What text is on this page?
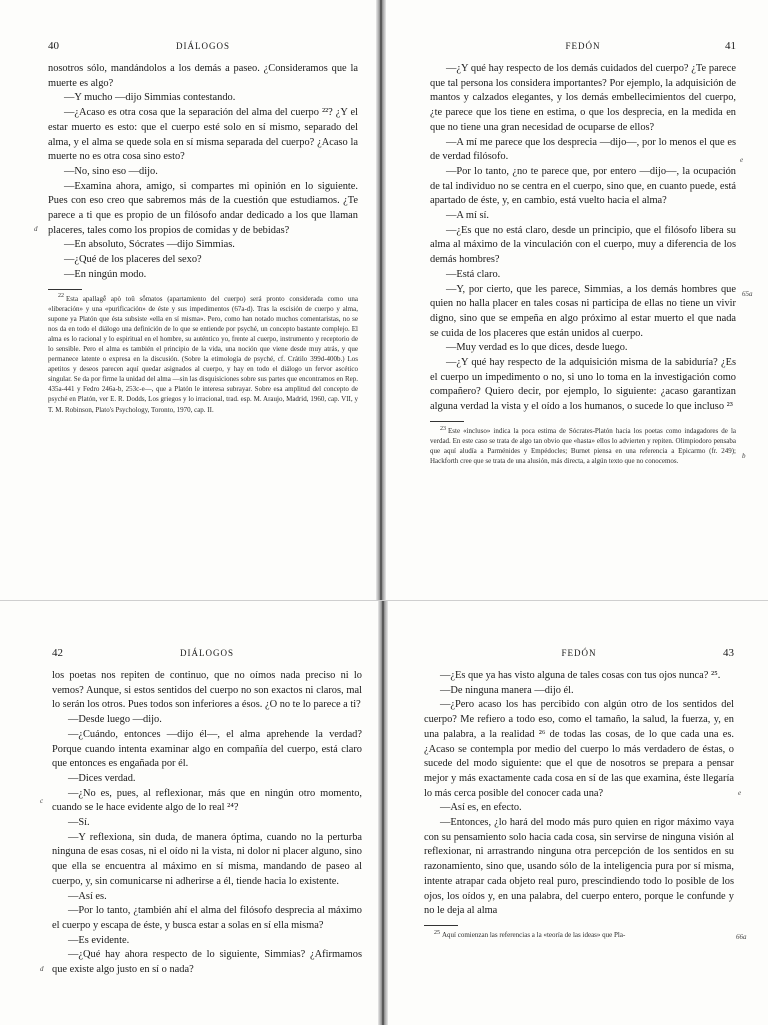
40	DIÁLOGOS

nosotros sólo, mandándolos a los demás a paseo. ¿Consideramos que la muerte es algo?

—Y mucho —dijo Simmias contestando.

—¿Acaso es otra cosa que la separación del alma del cuerpo ²²? ¿Y el estar muerto es esto: que el cuerpo esté solo en sí mismo, separado del alma, y el alma se quede sola en sí misma separada del cuerpo? ¿Acaso la muerte no es otra cosa sino esto?

—No, sino eso —dijo.

—Examina ahora, amigo, si compartes mi opinión en lo siguiente. Pues con eso creo que sabremos más de la cuestión que estudiamos. ¿Te parece a ti que es propio de un filósofo andar dedicado a los que llaman placeres, tales como los propios de comidas y de bebidas?

—En absoluto, Sócrates —dijo Simmias.

—¿Qué de los placeres del sexo?

—En ningún modo.

22 Esta apallagḗ apò toû sṓmatos (apartamiento del cuerpo) será pronto considerada como una «liberación» y una «purificación» de éste y sus impedimentos (67a-d). Tras la escisión de cuerpo y alma, supone ya Platón que ésta subsiste «ella en sí misma». Pero, como han notado muchos comentaristas, no se nos da en todo el diálogo una definición de lo que se entiende por psyché, un concepto bastante complejo. El alma es lo racional y lo espiritual en el hombre, su auténtico yo, frente al cuerpo, instrumento y receptorio de lo sensible. Pero el alma es también el principio de la vida, una noción que viene desde muy atrás, y que permanece latente o expresa en la discusión. (Sobre la etimología de psyché, cf. Crátilo 399d-400b.) Los apetitos y deseos parecen aquí quedar asignados al cuerpo, y hay en todo el diálogo un fervor ascético singular. Se da por firme la unidad del alma —sin las disquisiciones sobre sus partes que encontramos en Rep. 435a-441 y Fedro 246a-b, 253c-e—, que a Platón le interesa subrayar. Sobre esa amplitud del concepto de psyché en Platón, ver E. R. Dodds, Los griegos y lo irracional, trad. esp. M. Araujo, Madrid, 1960, cap. VII, y T. M. Robinson, Plato's Psychology, Toronto, 1970, cap. II.

d
FEDÓN	41

—¿Y qué hay respecto de los demás cuidados del cuerpo? ¿Te parece que tal persona los considera importantes? Por ejemplo, la adquisición de mantos y calzados elegantes, y los demás embellecimientos del cuerpo, ¿te parece que los tiene en estima, o que los desprecia, en la medida en que no tiene una gran necesidad de ocuparse de ellos?

—A mí me parece que los desprecia —dijo—, por lo menos el que es de verdad filósofo.

—Por lo tanto, ¿no te parece que, por entero —dijo—, la ocupación de tal individuo no se centra en el cuerpo, sino que, en cuanto puede, está apartado de éste, y, en cambio, está vuelto hacia el alma?

—A mí sí.

—¿Es que no está claro, desde un principio, que el filósofo libera su alma al máximo de la vinculación con el cuerpo, muy a diferencia de los demás hombres?

—Está claro.

—Y, por cierto, que les parece, Simmias, a los demás hombres que quien no halla placer en tales cosas ni participa de ellas no tiene un vivir digno, sino que se empeña en algo próximo al estar muerto el que nada se cuida de los placeres que están unidos al cuerpo.

—Muy verdad es lo que dices, desde luego.

—¿Y qué hay respecto de la adquisición misma de la sabiduría? ¿Es el cuerpo un impedimento o no, si uno lo toma en la investigación como compañero? Quiero decir, por ejemplo, lo siguiente: ¿acaso garantizan alguna verdad la vista y el oído a los humanos, o sucede lo que incluso ²³

23 Este «incluso» indica la poca estima de Sócrates-Platón hacia los poetas como indagadores de la verdad. En este caso se trata de algo tan obvio que «hasta» ellos lo advierten y repiten. Olimpiodoro pensaba que aquí aludía a Parménides y Empédocles; Burnet piensa en una referencia a Epicarmo (fr. 249); Hackforth cree que se trata de una alusión, más directa, a algún texto que no conocemos.

e
65a
b
42	DIÁLOGOS

los poetas nos repiten de continuo, que no oímos nada preciso ni lo vemos? Aunque, si estos sentidos del cuerpo no son exactos ni claros, mal lo serán los otros. Pues todos son inferiores a ésos. ¿O no te lo parece a ti?

—Desde luego —dijo.

—¿Cuándo, entonces —dijo él—, el alma aprehende la verdad? Porque cuando intenta examinar algo en compañía del cuerpo, está claro que entonces es engañada por él.

—Dices verdad.

—¿No es, pues, al reflexionar, más que en ningún otro momento, cuando se le hace evidente algo de lo real ²⁴?

—Sí.

—Y reflexiona, sin duda, de manera óptima, cuando no la perturba ninguna de esas cosas, ni el oído ni la vista, ni dolor ni placer alguno, sino que ella se encuentra al máximo en sí misma, mandando de paseo al cuerpo, y, sin comunicarse ni adherirse a él, tiende hacia lo existente.

—Así es.

—Por lo tanto, ¿también ahí el alma del filósofo desprecia al máximo el cuerpo y escapa de éste, y busca estar a solas en sí ella misma?

—Es evidente.

—¿Qué hay ahora respecto de lo siguiente, Simmias? ¿Afirmamos que existe algo justo en sí o nada?

c
d
FEDÓN	43

—¿Es que ya has visto alguna de tales cosas con tus ojos nunca? ²⁵.

—De ninguna manera —dijo él.

—¿Pero acaso los has percibido con algún otro de los sentidos del cuerpo? Me refiero a todo eso, como el tamaño, la salud, la fuerza, y, en una palabra, a la realidad ²⁶ de todas las cosas, de lo que cada una es. ¿Acaso se contempla por medio del cuerpo lo más verdadero de éstas, o sucede del modo siguiente: que el que de nosotros se prepara a pensar mejor y más exactamente cada cosa en sí de las que examina, éste llegaría lo más cerca posible del conocer cada una?

—Así es, en efecto.

—Entonces, ¿lo hará del modo más puro quien en rigor máximo vaya con su pensamiento solo hacia cada cosa, sin servirse de ninguna visión al reflexionar, ni arrastrando ninguna otra percepción de los sentidos en su razonamiento, sino que, usando sólo de la inteligencia pura por sí misma, intente atrapar cada objeto real puro, prescindiendo todo lo posible de los ojos, los oídos y, en una palabra, del cuerpo entero, porque le confunde y no le deja al alma

25 Aquí comienzan las referencias a la «teoría de las ideas» que Pla-

e
66a
